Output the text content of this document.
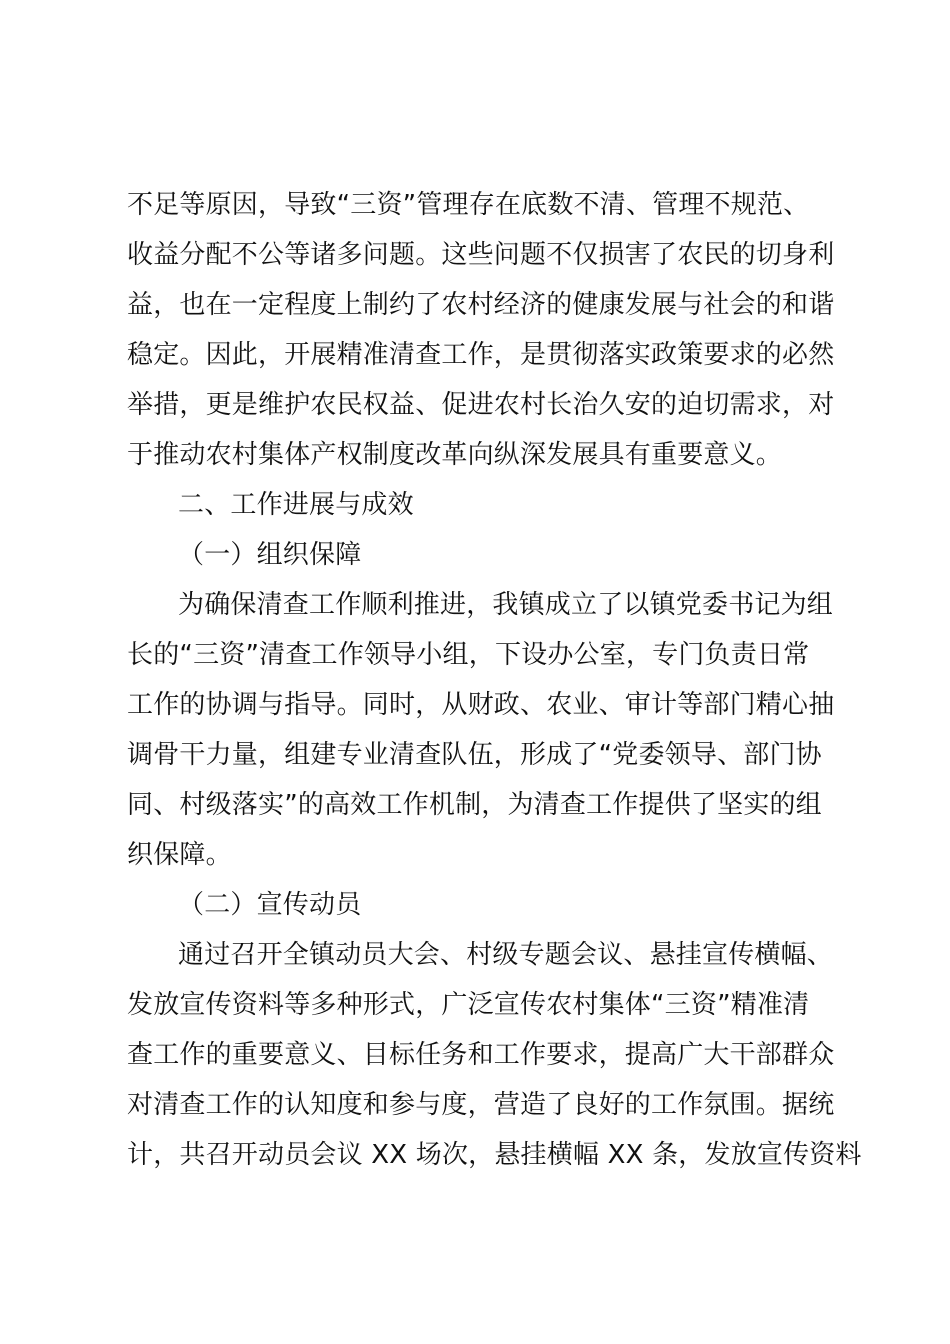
不足等原因，导致“三资”管理存在底数不清、管理不规范、
收益分配不公等诸多问题。这些问题不仅损害了农民的切身利
益，也在一定程度上制约了农村经济的健康发展与社会的和谐
稳定。因此，开展精准清查工作，是贯彻落实政策要求的必然
举措，更是维护农民权益、促进农村长治久安的迫切需求，对
于推动农村集体产权制度改革向纵深发展具有重要意义。
二、工作进展与成效
（一）组织保障
为确保清查工作顺利推进，我镇成立了以镇党委书记为组
长的“三资”清查工作领导小组，下设办公室，专门负责日常
工作的协调与指导。同时，从财政、农业、审计等部门精心抽
调骨干力量，组建专业清查队伍，形成了“党委领导、部门协
同、村级落实”的高效工作机制，为清查工作提供了坚实的组
织保障。
（二）宣传动员
通过召开全镇动员大会、村级专题会议、悬挂宣传横幅、
发放宣传资料等多种形式，广泛宣传农村集体“三资”精准清
查工作的重要意义、目标任务和工作要求，提高广大干部群众
对清查工作的认知度和参与度，营造了良好的工作氛围。据统
计，共召开动员会议 XX 场次，悬挂横幅 XX 条，发放宣传资料
